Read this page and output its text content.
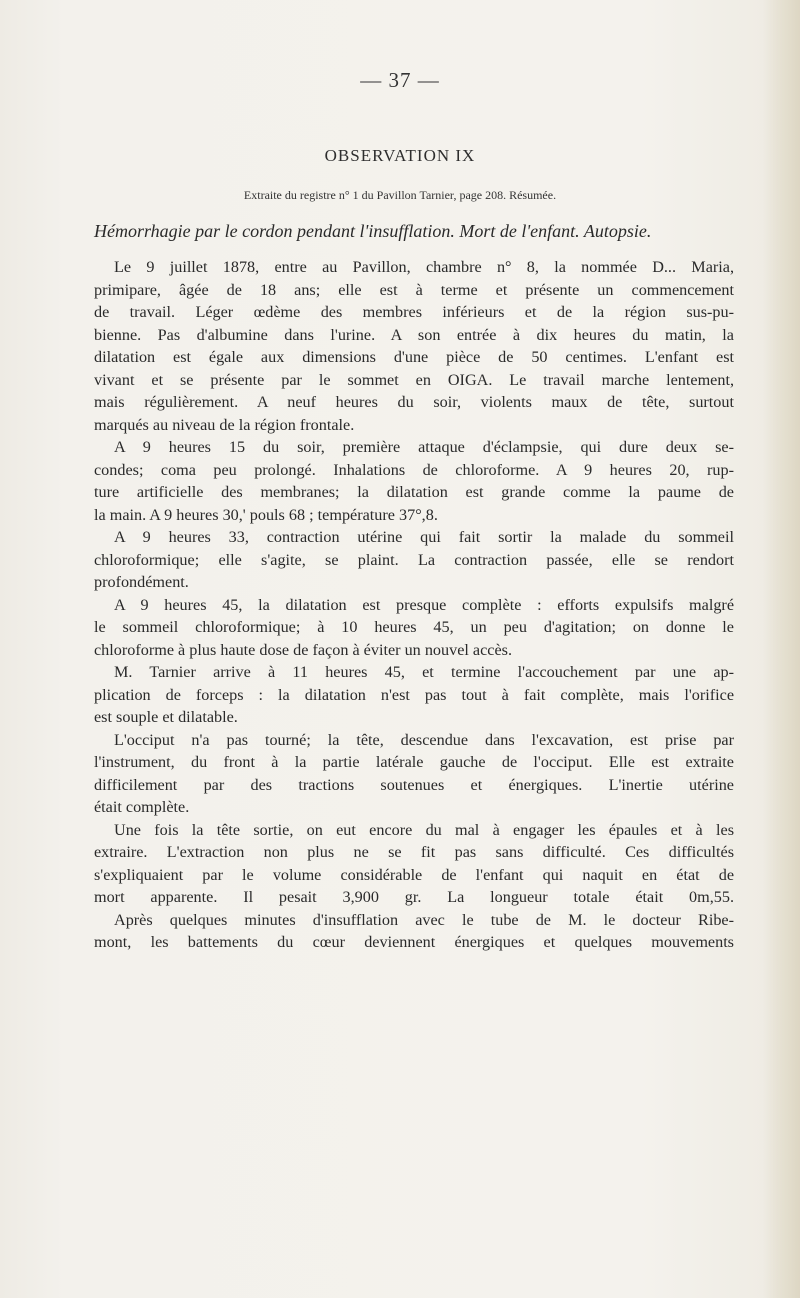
— 37 —
OBSERVATION IX
Extraite du registre n° 1 du Pavillon Tarnier, page 208. Résumée.
Hémorrhagie par le cordon pendant l'insufflation. Mort de l'enfant. Autopsie.
Le 9 juillet 1878, entre au Pavillon, chambre n° 8, la nommée D... Maria,
primipare, âgée de 18 ans; elle est à terme et présente un commencement
de travail. Léger œdème des membres inférieurs et de la région sus-pu-
bienne. Pas d'albumine dans l'urine. A son entrée à dix heures du matin, la
dilatation est égale aux dimensions d'une pièce de 50 centimes. L'enfant est
vivant et se présente par le sommet en OIGA. Le travail marche lentement,
mais régulièrement. A neuf heures du soir, violents maux de tête, surtout
marqués au niveau de la région frontale.
A 9 heures 15 du soir, première attaque d'éclampsie, qui dure deux se-
condes; coma peu prolongé. Inhalations de chloroforme. A 9 heures 20, rup-
ture artificielle des membranes; la dilatation est grande comme la paume de
la main. A 9 heures 30,' pouls 68 ; température 37°,8.
A 9 heures 33, contraction utérine qui fait sortir la malade du sommeil
chloroformique; elle s'agite, se plaint. La contraction passée, elle se rendort
profondément.
A 9 heures 45, la dilatation est presque complète : efforts expulsifs malgré
le sommeil chloroformique; à 10 heures 45, un peu d'agitation; on donne le
chloroforme à plus haute dose de façon à éviter un nouvel accès.
M. Tarnier arrive à 11 heures 45, et termine l'accouchement par une ap-
plication de forceps : la dilatation n'est pas tout à fait complète, mais l'orifice
est souple et dilatable.
L'occiput n'a pas tourné; la tête, descendue dans l'excavation, est prise par
l'instrument, du front à la partie latérale gauche de l'occiput. Elle est extraite
difficilement par des tractions soutenues et énergiques. L'inertie utérine
était complète.
Une fois la tête sortie, on eut encore du mal à engager les épaules et à les
extraire. L'extraction non plus ne se fit pas sans difficulté. Ces difficultés
s'expliquaient par le volume considérable de l'enfant qui naquit en état de
mort apparente. Il pesait 3,900 gr. La longueur totale était 0m,55.
Après quelques minutes d'insufflation avec le tube de M. le docteur Ribe-
mont, les battements du cœur deviennent énergiques et quelques mouvements
